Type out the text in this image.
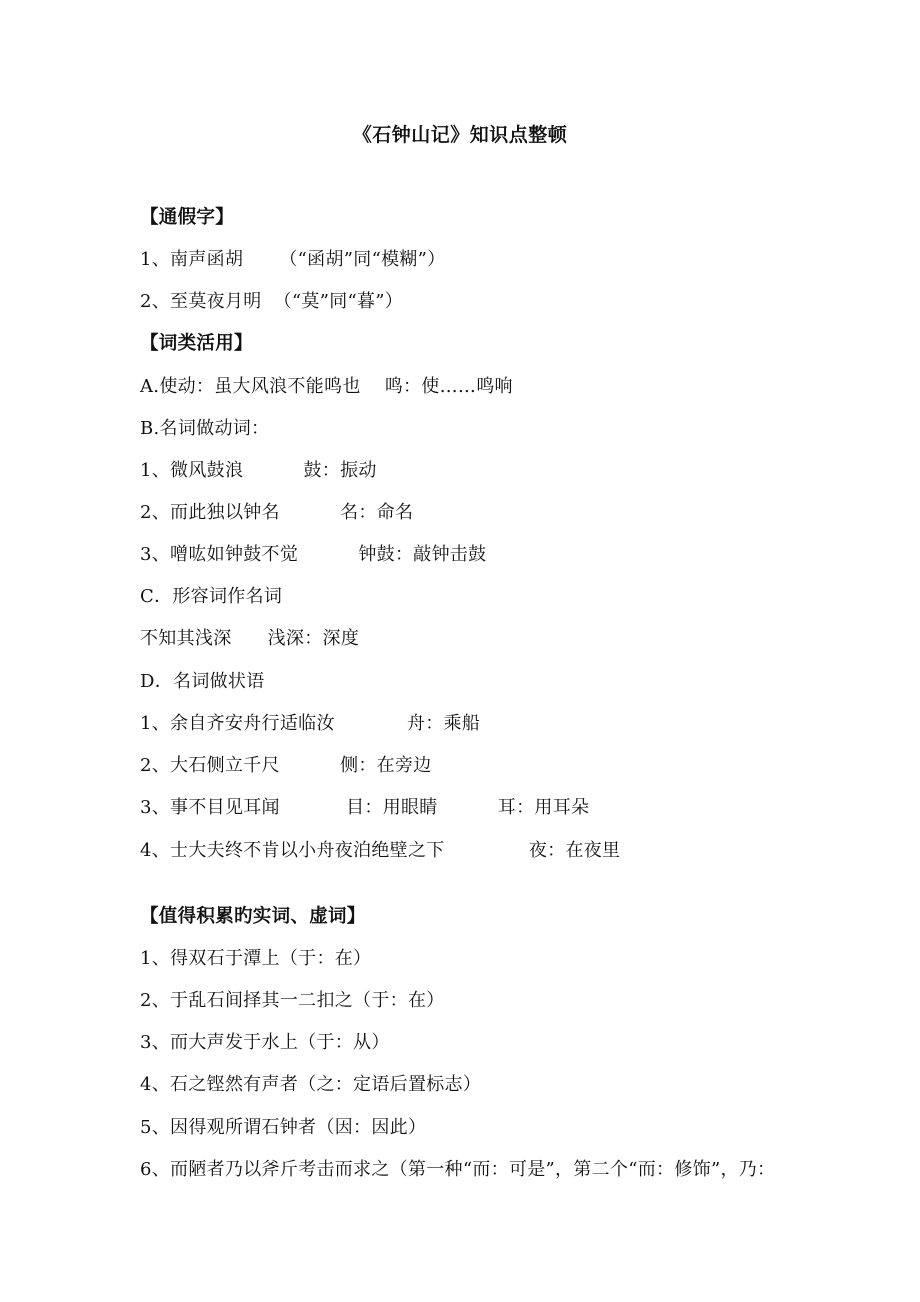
《石钟山记》知识点整顿
【通假字】
1、南声函胡      （“函胡”同“模糊”）
2、至莫夜月明  （“莫”同“暮”）
【词类活用】
A.使动：虽大风浪不能鸣也    鸣：使……鸣响
B.名词做动词：
1、微风鼓浪          鼓：振动
2、而此独以钟名          名：命名
3、噌吰如钟鼓不觉          钟鼓：敲钟击鼓
C．形容词作名词
不知其浅深      浅深：深度
D．名词做状语
1、余自齐安舟行适临汝            舟：乘船
2、大石侧立千尺          侧：在旁边
3、事不目见耳闻           目：用眼睛          耳：用耳朵
4、士大夫终不肯以小舟夜泊绝壁之下              夜：在夜里
【值得积累旳实词、虚词】
1、得双石于潭上（于：在）
2、于乱石间择其一二扣之（于：在）
3、而大声发于水上（于：从）
4、石之铿然有声者（之：定语后置标志）
5、因得观所谓石钟者（因：因此）
6、而陋者乃以斧斤考击而求之（第一种“而：可是”，第二个“而：修饰”，乃：
